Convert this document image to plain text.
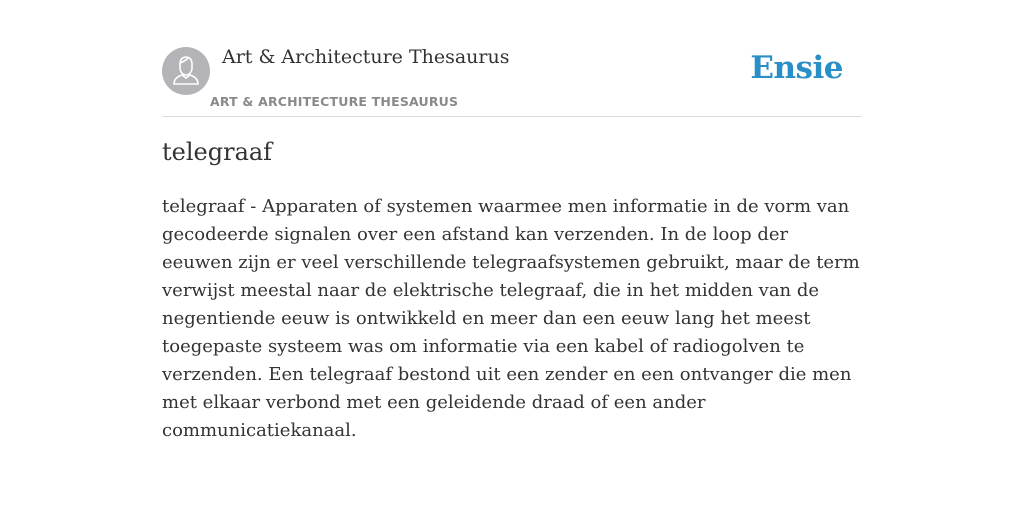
Art & Architecture Thesaurus
ART & ARCHITECTURE THESAURUS
Ensie
telegraaf

telegraaf - Apparaten of systemen waarmee men informatie in de vorm van gecodeerde signalen over een afstand kan verzenden. In de loop der eeuwen zijn er veel verschillende telegraafsystemen gebruikt, maar de term verwijst meestal naar de elektrische telegraaf, die in het midden van de negentiende eeuw is ontwikkeld en meer dan een eeuw lang het meest toegepaste systeem was om informatie via een kabel of radiogolven te verzenden. Een telegraaf bestond uit een zender en een ontvanger die men met elkaar verbond met een geleidende draad of een ander communicatiekanaal.
